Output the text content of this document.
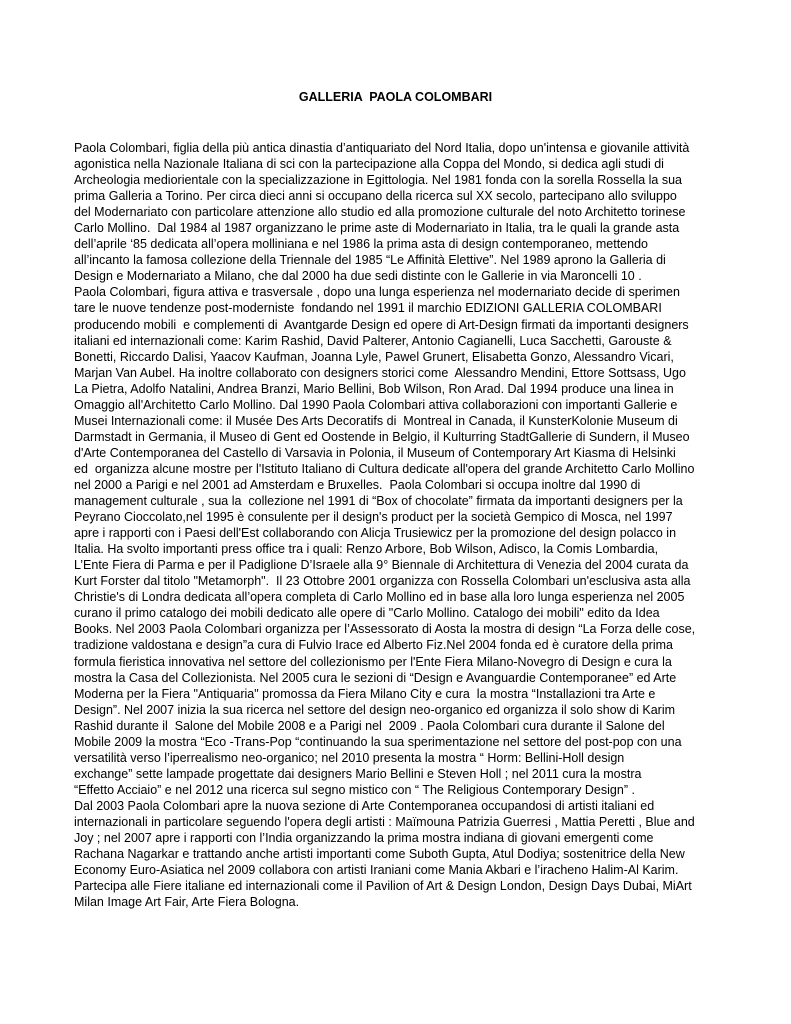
GALLERIA  PAOLA COLOMBARI
Paola Colombari, figlia della più antica dinastia d’antiquariato del Nord Italia, dopo un'intensa e giovanile attività
agonistica nella Nazionale Italiana di sci con la partecipazione alla Coppa del Mondo, si dedica agli studi di
Archeologia mediorientale con la specializzazione in Egittologia. Nel 1981 fonda con la sorella Rossella la sua
prima Galleria a Torino. Per circa dieci anni si occupano della ricerca sul XX secolo, partecipano allo sviluppo
del Modernariato con particolare attenzione allo studio ed alla promozione culturale del noto Architetto torinese
Carlo Mollino.  Dal 1984 al 1987 organizzano le prime aste di Modernariato in Italia, tra le quali la grande asta
dell’aprile ‘85 dedicata all’opera molliniana e nel 1986 la prima asta di design contemporaneo, mettendo
all’incanto la famosa collezione della Triennale del 1985 “Le Affinità Elettive”. Nel 1989 aprono la Galleria di
Design e Modernariato a Milano, che dal 2000 ha due sedi distinte con le Gallerie in via Maroncelli 10 .
Paola Colombari, figura attiva e trasversale , dopo una lunga esperienza nel modernariato decide di sperimen
tare le nuove tendenze post-moderniste  fondando nel 1991 il marchio EDIZIONI GALLERIA COLOMBARI
producendo mobili  e complementi di  Avantgarde Design ed opere di Art-Design firmati da importanti designers
italiani ed internazionali come: Karim Rashid, David Palterer, Antonio Cagianelli, Luca Sacchetti, Garouste &
Bonetti, Riccardo Dalisi, Yaacov Kaufman, Joanna Lyle, Pawel Grunert, Elisabetta Gonzo, Alessandro Vicari,
Marjan Van Aubel. Ha inoltre collaborato con designers storici come  Alessandro Mendini, Ettore Sottsass, Ugo
La Pietra, Adolfo Natalini, Andrea Branzi, Mario Bellini, Bob Wilson, Ron Arad. Dal 1994 produce una linea in
Omaggio all'Architetto Carlo Mollino. Dal 1990 Paola Colombari attiva collaborazioni con importanti Gallerie e
Musei Internazionali come: il Musée Des Arts Decoratifs di  Montreal in Canada, il KunsterKolonie Museum di
Darmstadt in Germania, il Museo di Gent ed Oostende in Belgio, il Kulturring StadtGallerie di Sundern, il Museo
d'Arte Contemporanea del Castello di Varsavia in Polonia, il Museum of Contemporary Art Kiasma di Helsinki
ed  organizza alcune mostre per l'Istituto Italiano di Cultura dedicate all'opera del grande Architetto Carlo Mollino
nel 2000 a Parigi e nel 2001 ad Amsterdam e Bruxelles.  Paola Colombari si occupa inoltre dal 1990 di
management culturale , sua la  collezione nel 1991 di “Box of chocolate” firmata da importanti designers per la
Peyrano Cioccolato,nel 1995 è consulente per il design's product per la società Gempico di Mosca, nel 1997
apre i rapporti con i Paesi dell'Est collaborando con Alicja Trusiewicz per la promozione del design polacco in
Italia. Ha svolto importanti press office tra i quali: Renzo Arbore, Bob Wilson, Adisco, la Comis Lombardia,
L’Ente Fiera di Parma e per il Padiglione D’Israele alla 9° Biennale di Architettura di Venezia del 2004 curata da
Kurt Forster dal titolo "Metamorph".  Il 23 Ottobre 2001 organizza con Rossella Colombari un'esclusiva asta alla
Christie's di Londra dedicata all’opera completa di Carlo Mollino ed in base alla loro lunga esperienza nel 2005
curano il primo catalogo dei mobili dedicato alle opere di "Carlo Mollino. Catalogo dei mobili" edito da Idea
Books. Nel 2003 Paola Colombari organizza per l’Assessorato di Aosta la mostra di design “La Forza delle cose,
tradizione valdostana e design”a cura di Fulvio Irace ed Alberto Fiz.Nel 2004 fonda ed è curatore della prima
formula fieristica innovativa nel settore del collezionismo per l'Ente Fiera Milano-Novegro di Design e cura la
mostra la Casa del Collezionista. Nel 2005 cura le sezioni di “Design e Avanguardie Contemporanee” ed Arte
Moderna per la Fiera "Antiquaria" promossa da Fiera Milano City e cura  la mostra “Installazioni tra Arte e
Design”. Nel 2007 inizia la sua ricerca nel settore del design neo-organico ed organizza il solo show di Karim
Rashid durante il  Salone del Mobile 2008 e a Parigi nel  2009 . Paola Colombari cura durante il Salone del
Mobile 2009 la mostra “Eco -Trans-Pop “continuando la sua sperimentazione nel settore del post-pop con una
versatilità verso l’iperrealismo neo-organico; nel 2010 presenta la mostra “ Horm: Bellini-Holl design
exchange” sette lampade progettate dai designers Mario Bellini e Steven Holl ; nel 2011 cura la mostra
“Effetto Acciaio” e nel 2012 una ricerca sul segno mistico con “ The Religious Contemporary Design” .
Dal 2003 Paola Colombari apre la nuova sezione di Arte Contemporanea occupandosi di artisti italiani ed
internazionali in particolare seguendo l'opera degli artisti : Maïmouna Patrizia Guerresi , Mattia Peretti , Blue and
Joy ; nel 2007 apre i rapporti con l’India organizzando la prima mostra indiana di giovani emergenti come
Rachana Nagarkar e trattando anche artisti importanti come Suboth Gupta, Atul Dodiya; sostenitrice della New
Economy Euro-Asiatica nel 2009 collabora con artisti Iraniani come Mania Akbari e l’iracheno Halim-Al Karim.
Partecipa alle Fiere italiane ed internazionali come il Pavilion of Art & Design London, Design Days Dubai, MiArt
Milan Image Art Fair, Arte Fiera Bologna.
